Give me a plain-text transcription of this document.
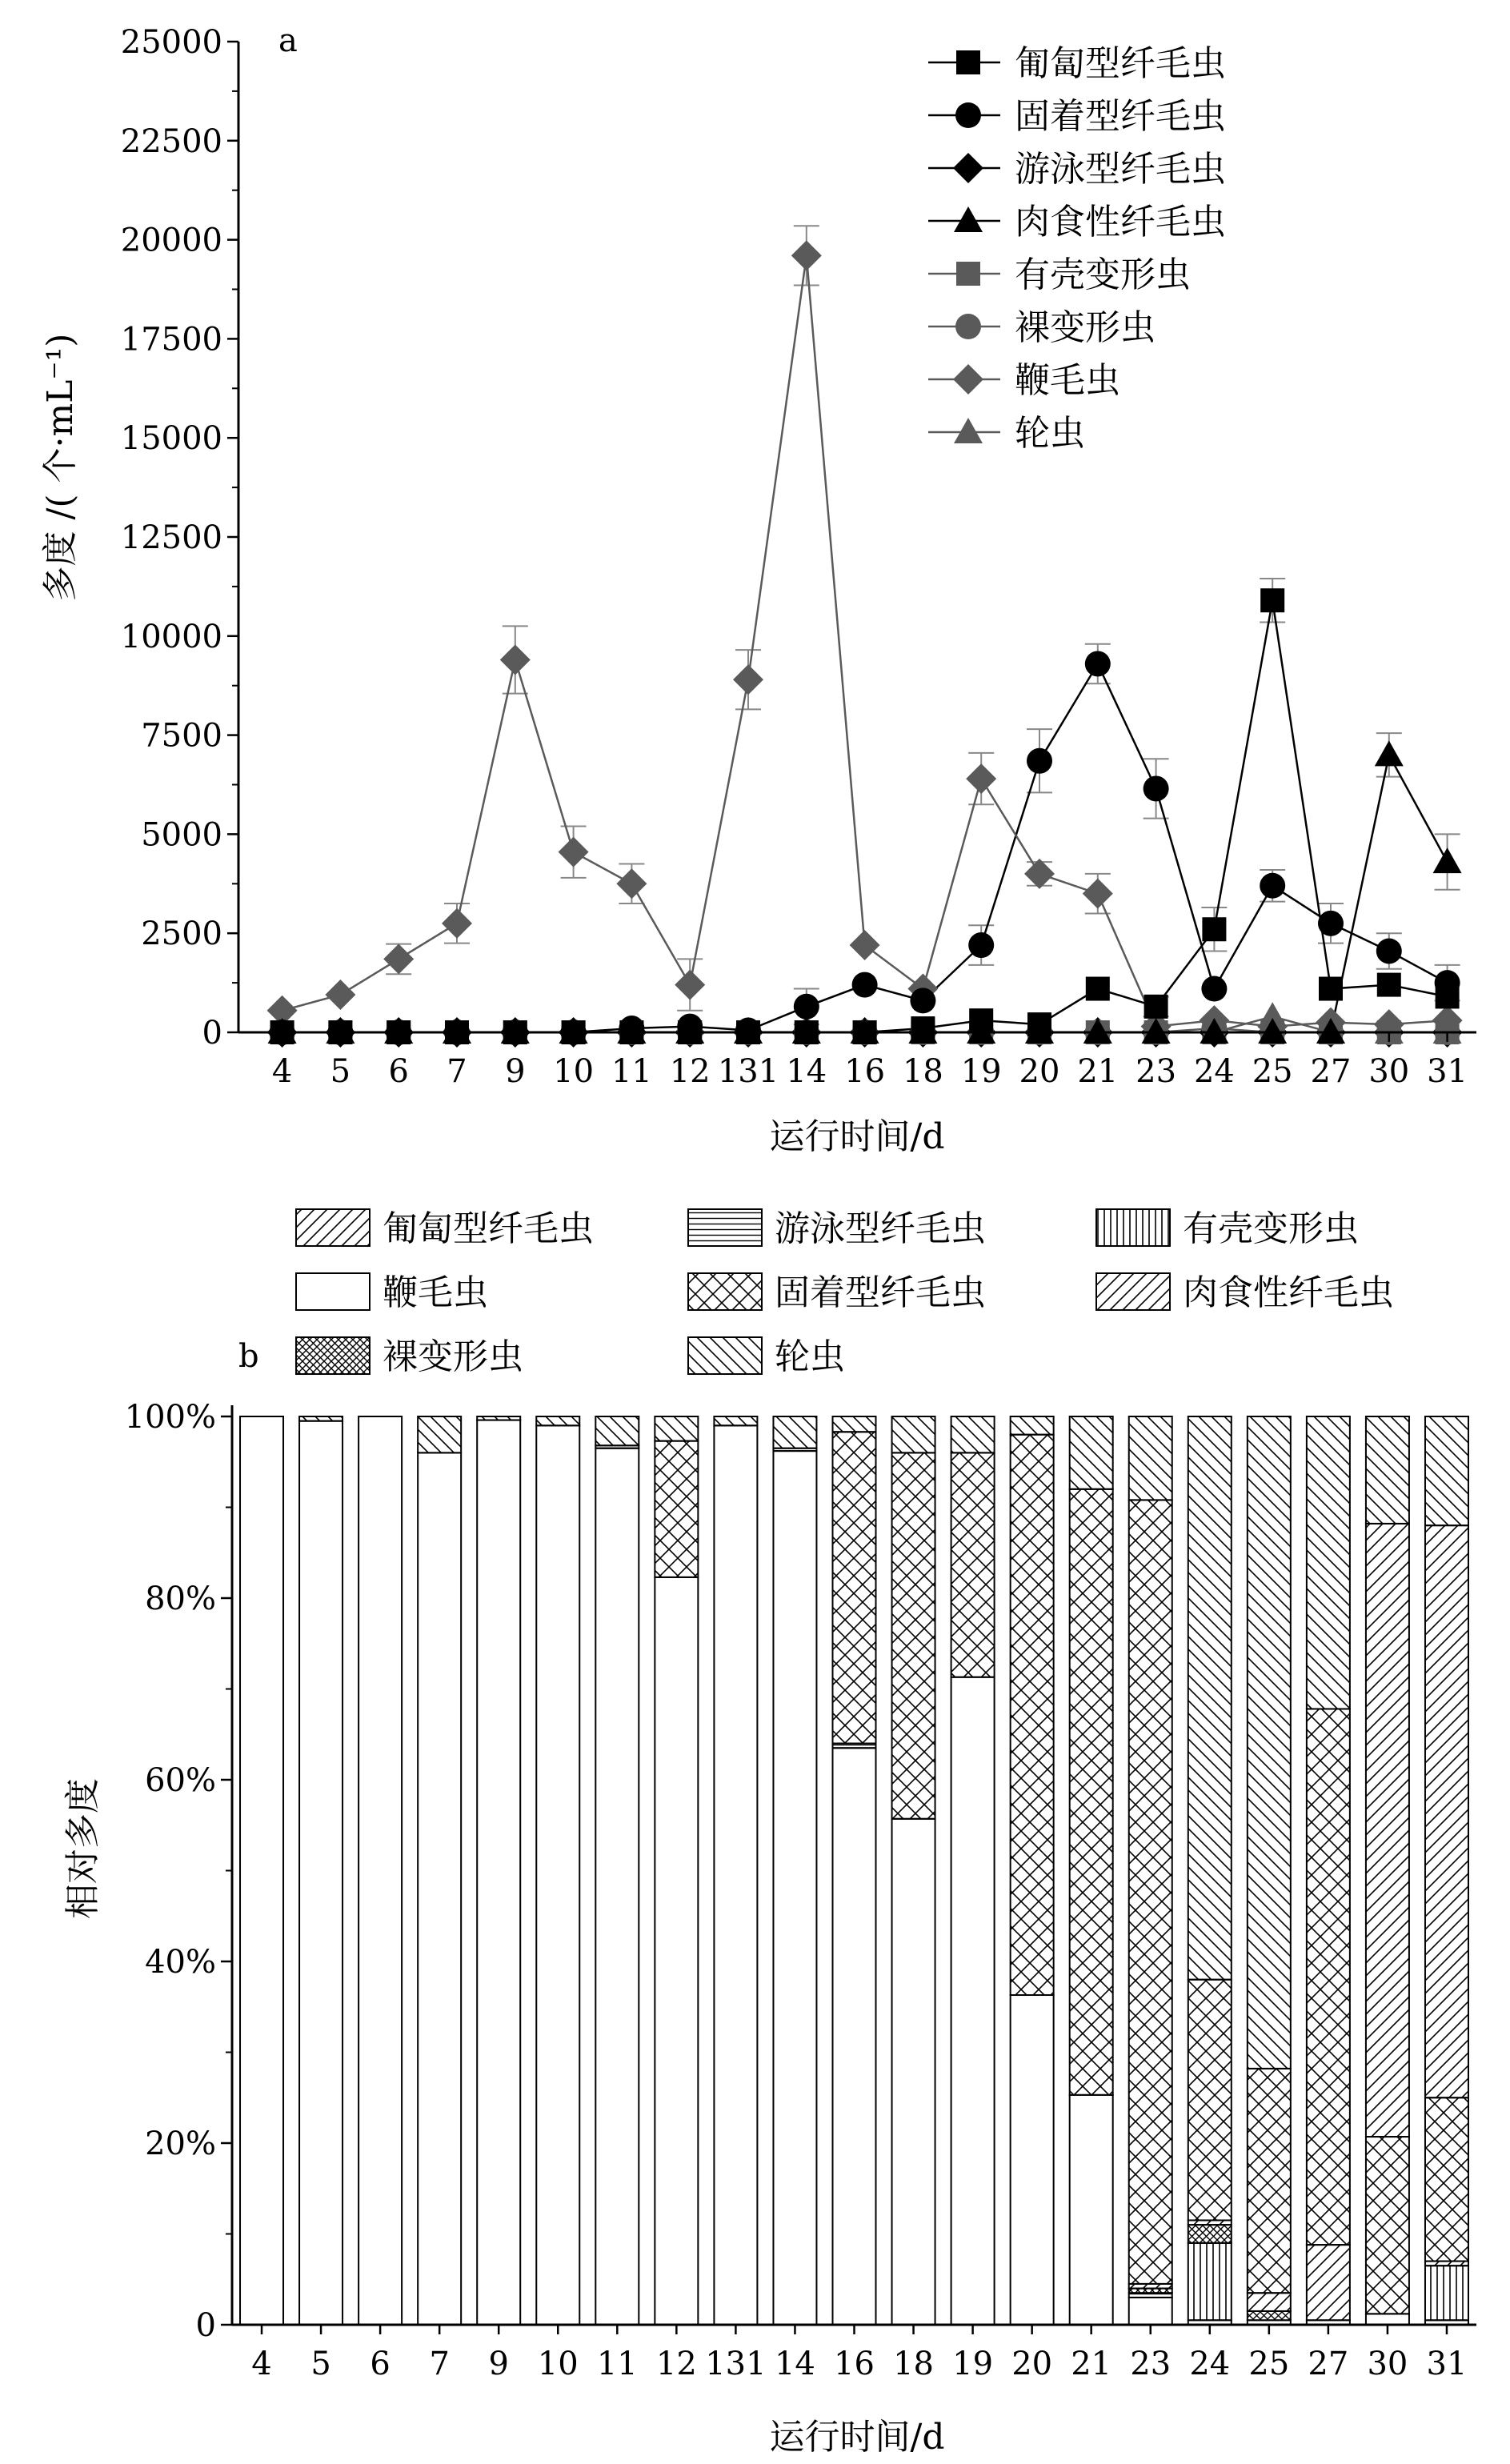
0
2500
5000
7500
10000
12500
15000
17500
20000
22500
25000
4 5 6 7 9 10 11 12 131 14 16 18 19 20 21 23 24 25 27 30 31
a
运行时间/d
多度 /( 个·mL⁻¹)
匍匐型纤毛虫
固着型纤毛虫
游泳型纤毛虫
肉食性纤毛虫
有壳变形虫
裸变形虫
鞭毛虫
轮虫
0
20%
40%
60%
80%
100%
4 5 6 7 9 10 11 12 131 14 16 18 19 20 21 23 24 25 27 30 31
b
运行时间/d
相对多度
匍匐型纤毛虫	游泳型纤毛虫	有壳变形虫
鞭毛虫	固着型纤毛虫	肉食性纤毛虫
裸变形虫	轮虫
